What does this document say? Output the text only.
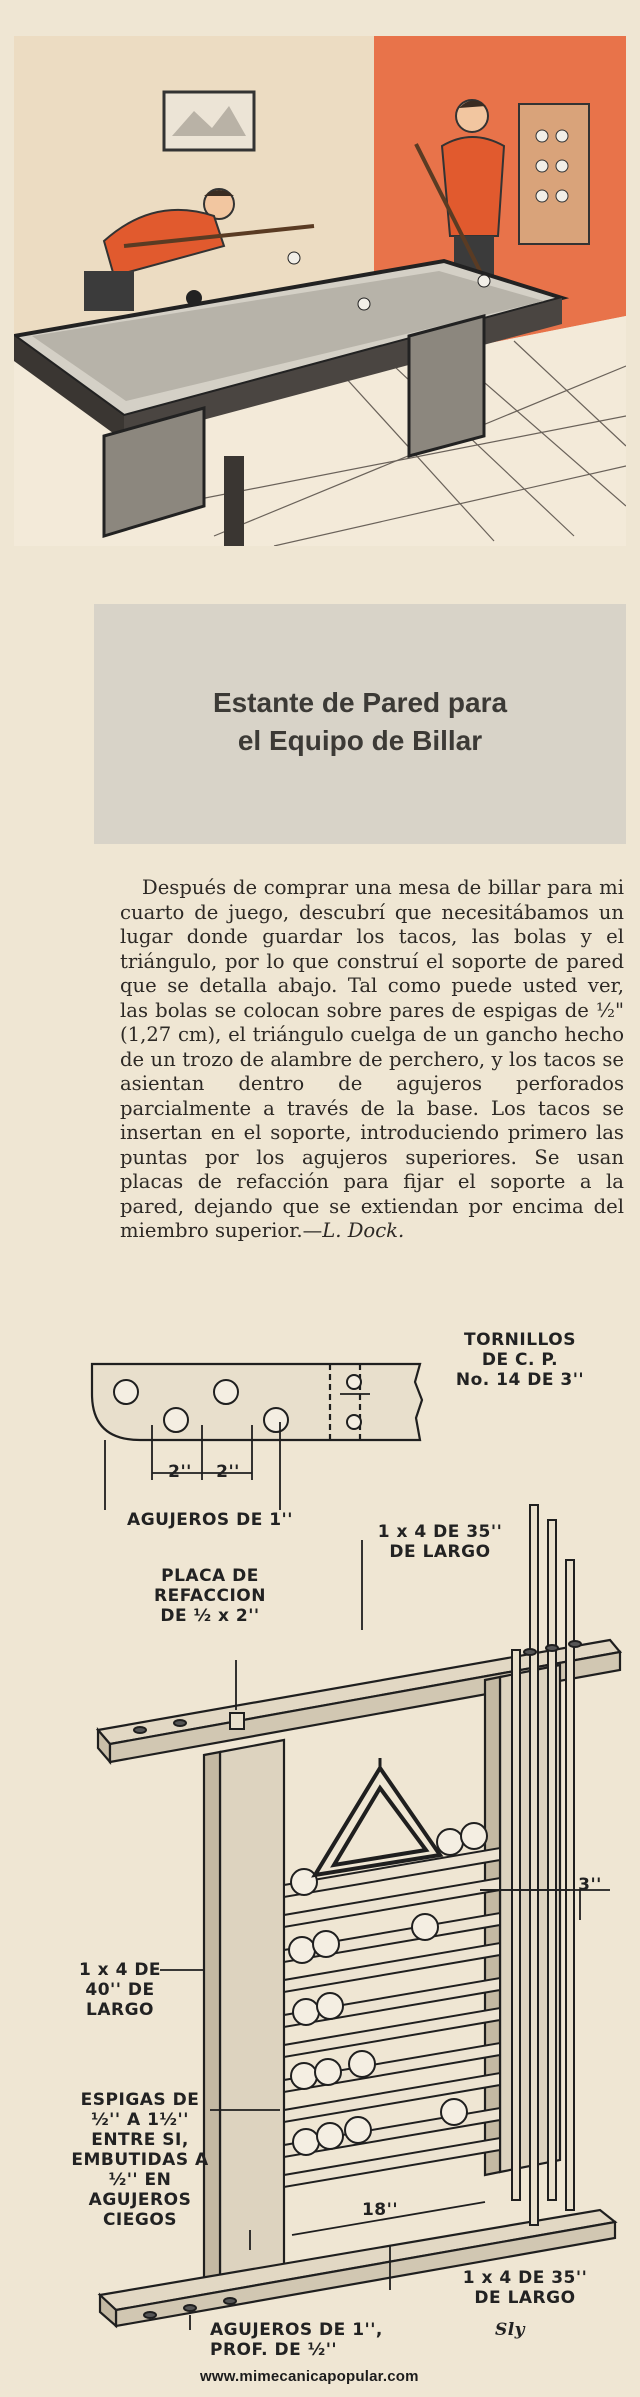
Estante de Pared para
el Equipo de Billar

Después de comprar una mesa de billar para mi cuarto de juego, descubrí que necesitábamos un lugar donde guardar los tacos, las bolas y el triángulo, por lo que construí el soporte de pared que se detalla abajo. Tal como puede usted ver, las bolas se colocan sobre pares de espigas de ½" (1,27 cm), el triángulo cuelga de un gancho hecho de un trozo de alambre de perchero, y los tacos se asientan dentro de agujeros perforados parcialmente a través de la base. Los tacos se insertan en el soporte, introduciendo primero las puntas por los agujeros superiores. Se usan placas de refacción para fijar el soporte a la pared, dejando que se extiendan por encima del miembro superior.—L. Dock.

TORNILLOS
DE C. P.
No. 14 DE 3''
2''	2''
AGUJEROS DE 1''
1 x 4 DE 35''
DE LARGO
PLACA DE
REFACCION
DE ½ x 2''
3''
1 x 4 DE
40'' DE
LARGO
ESPIGAS DE
½'' A 1½''
ENTRE SI,
EMBUTIDAS A
½'' EN
AGUJEROS
CIEGOS	18''
1 x 4 DE 35''
DE LARGO
AGUJEROS DE 1'',
PROF. DE ½''
Sly
www.mimecanicapopular.com
